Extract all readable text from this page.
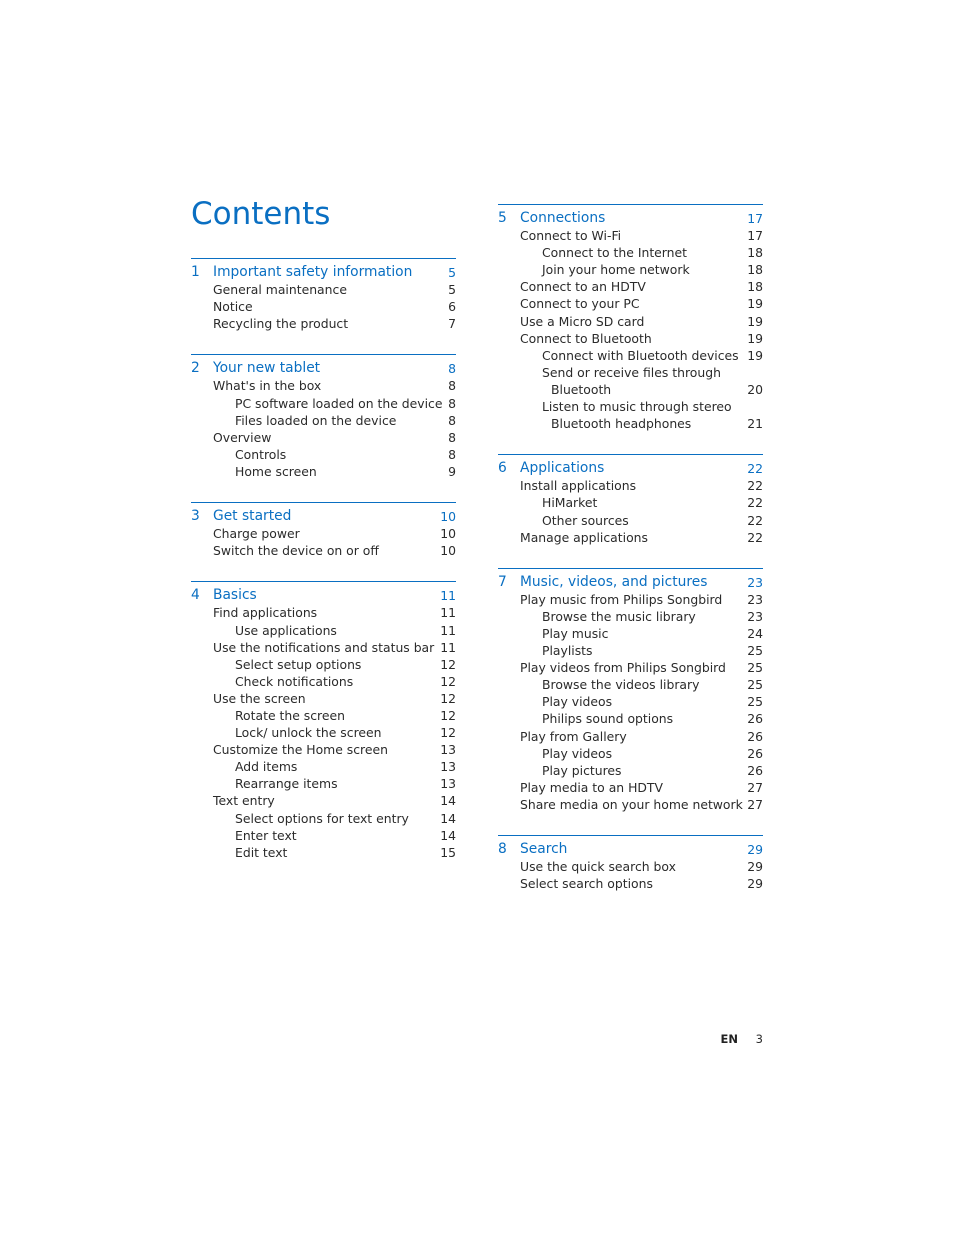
Contents
1 Important safety information	5
General maintenance	5
Notice	6
Recycling the product	7
2 Your new tablet	8
What's in the box	8
PC software loaded on the device 8
Files loaded on the device	8
Overview	8
Controls	8
Home screen	9
3 Get started	10
Charge power	10
Switch the device on or off	10
4 Basics	11
Find applications	11
Use applications	11
Use the notifications and status bar 11
Select setup options	12
Check notifications	12
Use the screen	12
Rotate the screen	12
Lock/ unlock the screen	12
Customize the Home screen	13
Add items	13
Rearrange items	13
Text entry	14
Select options for text entry	14
Enter text	14
Edit text	15
5 Connections	17
Connect to Wi-Fi	17
Connect to the Internet	18
Join your home network	18
Connect to an HDTV	18
Connect to your PC	19
Use a Micro SD card	19
Connect to Bluetooth	19
Connect with Bluetooth devices 19
Send or receive files through
Bluetooth	20
Listen to music through stereo
Bluetooth headphones	21
6 Applications	22
Install applications	22
HiMarket	22
Other sources	22
Manage applications	22
7 Music, videos, and pictures	23
Play music from Philips Songbird 23
Browse the music library	23
Play music	24
Playlists	25
Play videos from Philips Songbird 25
Browse the videos library	25
Play videos	25
Philips sound options	26
Play from Gallery	26
Play videos	26
Play pictures	26
Play media to an HDTV	27
Share media on your home network 27
8 Search	29
Use the quick search box	29
Select search options	29
EN 3
